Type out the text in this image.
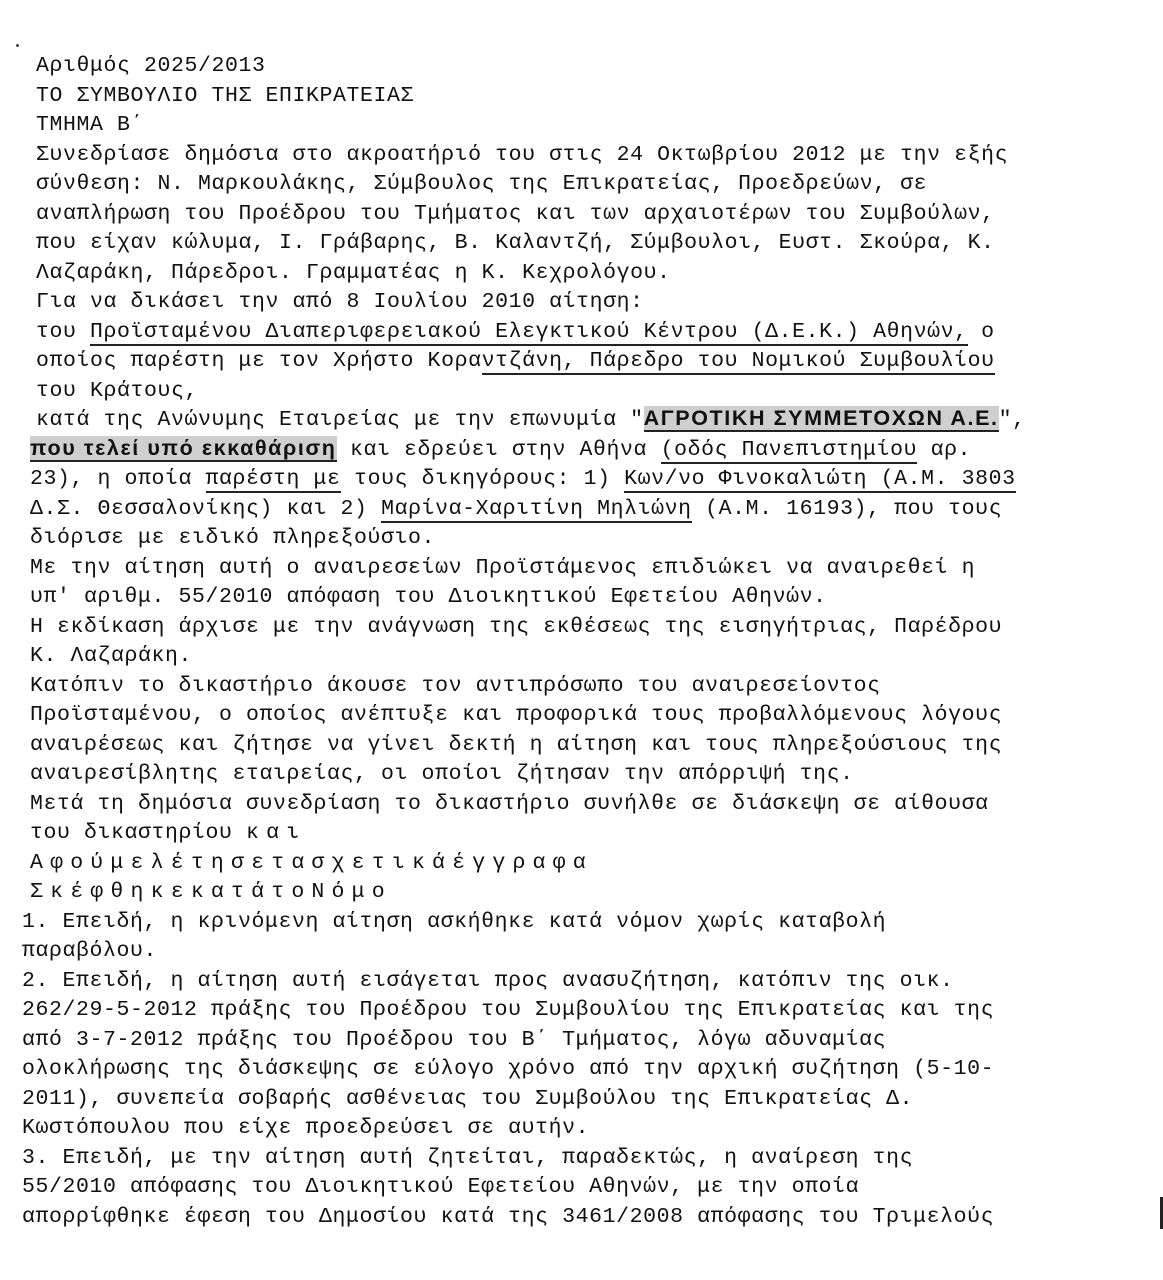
Αριθμός 2025/2013
ΤΟ ΣΥΜΒΟΥΛΙΟ ΤΗΣ ΕΠΙΚΡΑΤΕΙΑΣ
ΤΜΗΜΑ Β΄
Συνεδρίασε δημόσια στο ακροατήριό του στις 24 Οκτωβρίου 2012 με την εξής
σύνθεση: Ν. Μαρκουλάκης, Σύμβουλος της Επικρατείας, Προεδρεύων, σε
αναπλήρωση του Προέδρου του Τμήματος και των αρχαιοτέρων του Συμβούλων,
που είχαν κώλυμα, Ι. Γράβαρης, Β. Καλαντζή, Σύμβουλοι, Ευστ. Σκούρα, Κ.
Λαζαράκη, Πάρεδροι. Γραμματέας η Κ. Κεχρολόγου.
Για να δικάσει την από 8 Ιουλίου 2010 αίτηση:
του Προϊσταμένου Διαπεριφερειακού Ελεγκτικού Κέντρου (Δ.Ε.Κ.) Αθηνών, ο
οποίος παρέστη με τον Χρήστο Κοραντζάνη, Πάρεδρο του Νομικού Συμβουλίου
του Κράτους,
κατά της Ανώνυμης Εταιρείας με την επωνυμία "ΑΓΡΟΤΙΚΗ ΣΥΜΜΕΤΟΧΩΝ Α.Ε.",
που τελεί υπό εκκαθάριση και εδρεύει στην Αθήνα (οδός Πανεπιστημίου αρ.
23), η οποία παρέστη με τους δικηγόρους: 1) Κων/νο Φινοκαλιώτη (Α.Μ. 3803
Δ.Σ. Θεσσαλονίκης) και 2) Μαρίνα-Χαριτίνη Μηλιώνη (Α.Μ. 16193), που τους
διόρισε με ειδικό πληρεξούσιο.
Με την αίτηση αυτή ο αναιρεσείων Προϊστάμενος επιδιώκει να αναιρεθεί η
υπ' αριθμ. 55/2010 απόφαση του Διοικητικού Εφετείου Αθηνών.
Η εκδίκαση άρχισε με την ανάγνωση της εκθέσεως της εισηγήτριας, Παρέδρου
Κ. Λαζαράκη.
Κατόπιν το δικαστήριο άκουσε τον αντιπρόσωπο του αναιρεσείοντος
Προϊσταμένου, ο οποίος ανέπτυξε και προφορικά τους προβαλλόμενους λόγους
αναιρέσεως και ζήτησε να γίνει δεκτή η αίτηση και τους πληρεξούσιους της
αναιρεσίβλητης εταιρείας, οι οποίοι ζήτησαν την απόρριψή της.
Μετά τη δημόσια συνεδρίαση το δικαστήριο συνήλθε σε διάσκεψη σε αίθουσα
του δικαστηρίου και
Αφούμελέτησετασχετικάέγγραφα
ΣκέφθηκεκατάτοΝόμο
1. Επειδή, η κρινόμενη αίτηση ασκήθηκε κατά νόμον χωρίς καταβολή
παραβόλου.
2. Επειδή, η αίτηση αυτή εισάγεται προς ανασυζήτηση, κατόπιν της οικ.
262/29-5-2012 πράξης του Προέδρου του Συμβουλίου της Επικρατείας και της
από 3-7-2012 πράξης του Προέδρου του Β΄ Τμήματος, λόγω αδυναμίας
ολοκλήρωσης της διάσκεψης σε εύλογο χρόνο από την αρχική συζήτηση (5-10-
2011), συνεπεία σοβαρής ασθένειας του Συμβούλου της Επικρατείας Δ.
Κωστόπουλου που είχε προεδρεύσει σε αυτήν.
3. Επειδή, με την αίτηση αυτή ζητείται, παραδεκτώς, η αναίρεση της
55/2010 απόφασης του Διοικητικού Εφετείου Αθηνών, με την οποία
απορρίφθηκε έφεση του Δημοσίου κατά της 3461/2008 απόφασης του Τριμελούς
